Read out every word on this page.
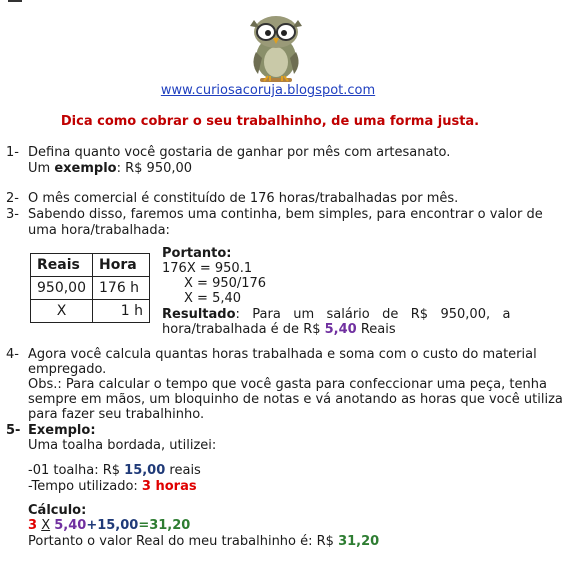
www.curiosacoruja.blogspot.com
Dica como cobrar o seu trabalhinho, de uma forma justa.
1- Defina quanto você gostaria de ganhar por mês com artesanato.
Um exemplo: R$ 950,00
2- O mês comercial é constituído de 176 horas/trabalhadas por mês.
3- Sabendo disso, faremos uma continha, bem simples, para encontrar o valor de
uma hora/trabalhada:
Reais	Hora
950,00	176 h
X	1 h
Portanto:
176X = 950.1
X = 950/176
X = 5,40
Resultado:   Para   um   salário   de   R$   950,00,   a
hora/trabalhada é de R$ 5,40 Reais
4- Agora você calcula quantas horas trabalhada e soma com o custo do material
empregado.
Obs.: Para calcular o tempo que você gasta para confeccionar uma peça, tenha
sempre em mãos, um bloquinho de notas e vá anotando as horas que você utiliza
para fazer seu trabalhinho.
5- Exemplo:
Uma toalha bordada, utilizei:
-01 toalha: R$ 15,00 reais
-Tempo utilizado: 3 horas
Cálculo:
3 X 5,40+15,00=31,20
Portanto o valor Real do meu trabalhinho é: R$ 31,20
